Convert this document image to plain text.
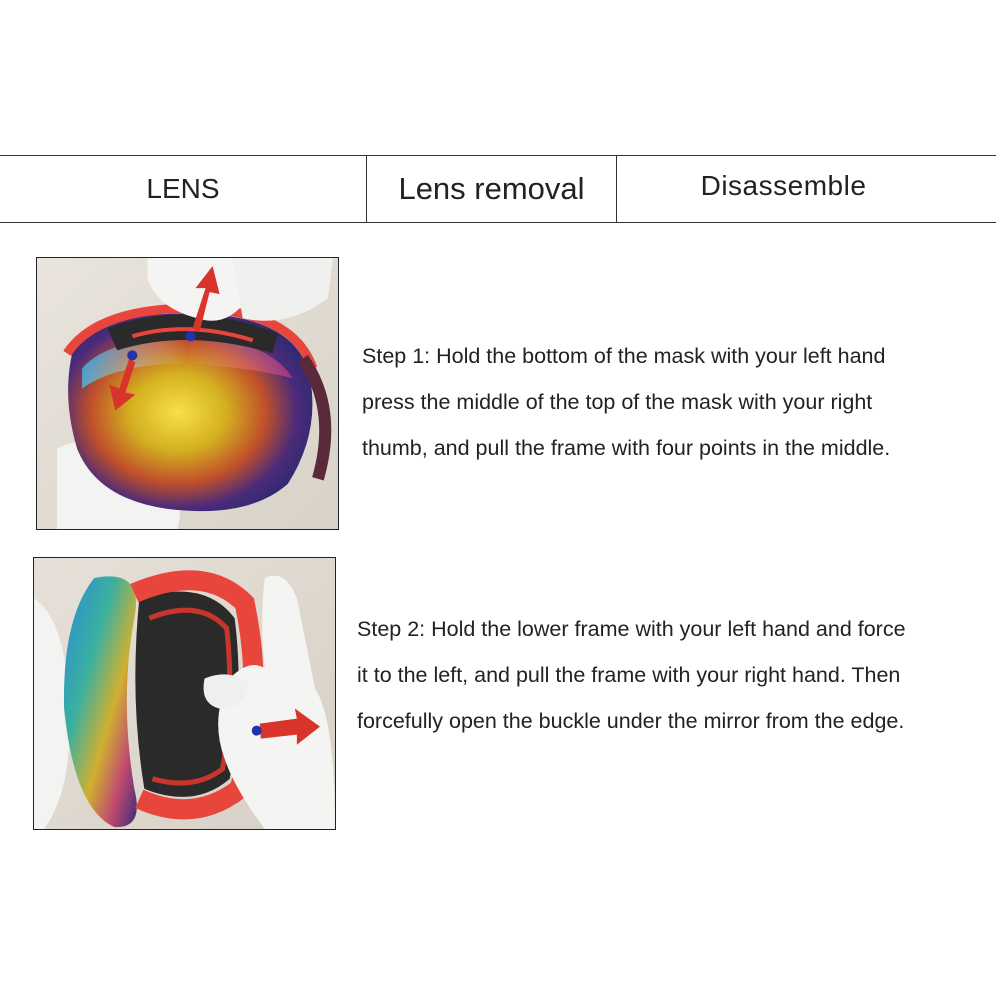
LENS	Lens removal	Disassemble
Step 1: Hold the bottom of the mask with your left hand
press the middle of the top of the mask with your right
thumb, and pull the frame with four points in the middle.
Step 2: Hold the lower frame with your left hand and force
it to the left, and pull the frame with your right hand. Then
forcefully open the buckle under the mirror from the edge.
